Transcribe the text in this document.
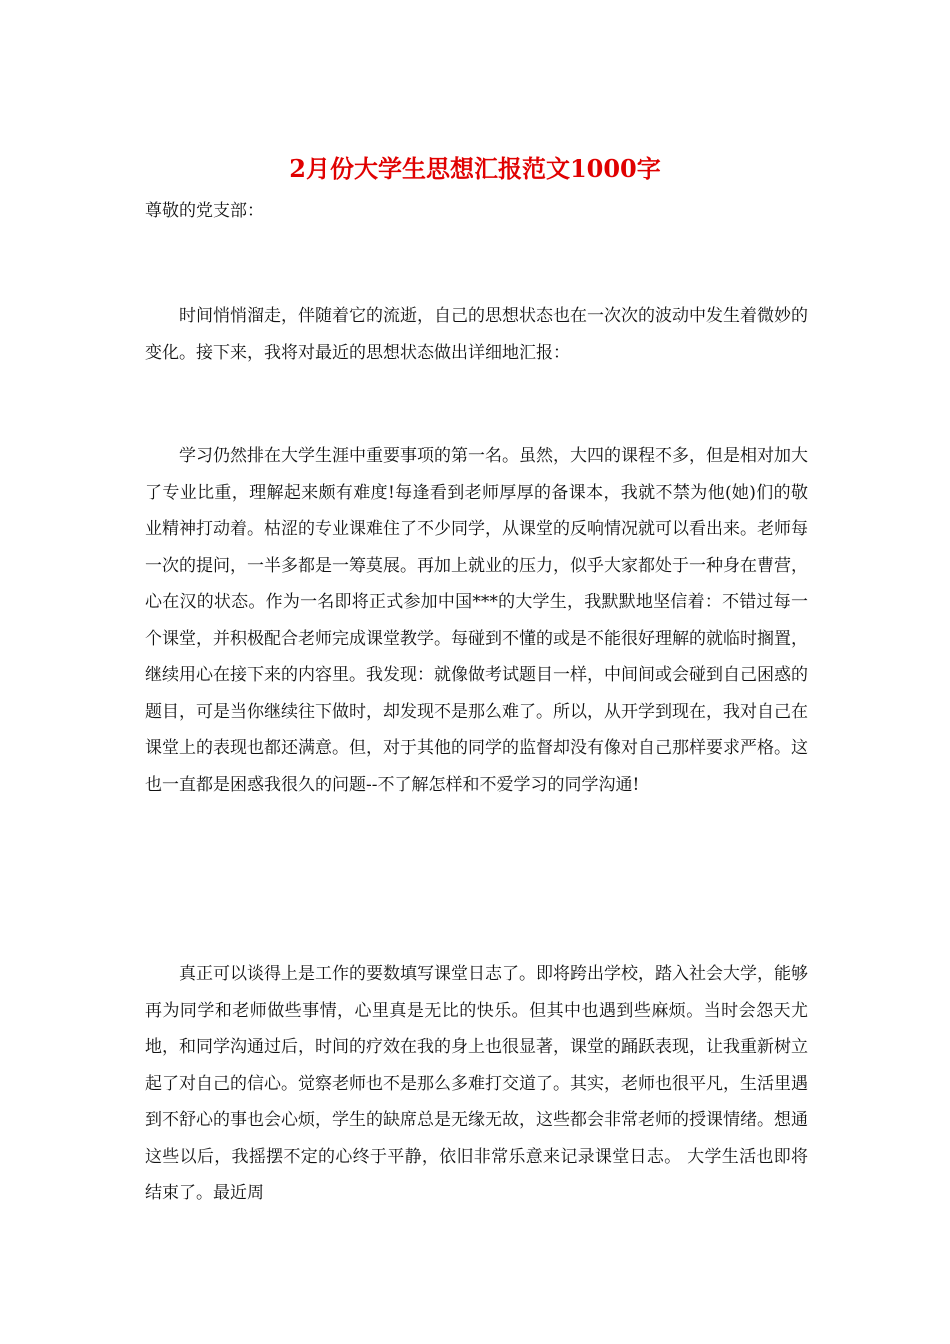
2月份大学生思想汇报范文1000字

尊敬的党支部：

时间悄悄溜走，伴随着它的流逝，自己的思想状态也在一次次的波动中发生着微妙的变化。接下来，我将对最近的思想状态做出详细地汇报：

学习仍然排在大学生涯中重要事项的第一名。虽然，大四的课程不多，但是相对加大了专业比重，理解起来颇有难度!每逢看到老师厚厚的备课本，我就不禁为他(她)们的敬业精神打动着。枯涩的专业课难住了不少同学，从课堂的反响情况就可以看出来。老师每一次的提问，一半多都是一筹莫展。再加上就业的压力，似乎大家都处于一种身在曹营，心在汉的状态。作为一名即将正式参加中国***的大学生，我默默地坚信着：不错过每一个课堂，并积极配合老师完成课堂教学。每碰到不懂的或是不能很好理解的就临时搁置，继续用心在接下来的内容里。我发现：就像做考试题目一样，中间间或会碰到自己困惑的题目，可是当你继续往下做时，却发现不是那么难了。所以，从开学到现在，我对自己在课堂上的表现也都还满意。但，对于其他的同学的监督却没有像对自己那样要求严格。这也一直都是困惑我很久的问题--不了解怎样和不爱学习的同学沟通!

真正可以谈得上是工作的要数填写课堂日志了。即将跨出学校，踏入社会大学，能够再为同学和老师做些事情，心里真是无比的快乐。但其中也遇到些麻烦。当时会怨天尤地，和同学沟通过后，时间的疗效在我的身上也很显著，课堂的踊跃表现，让我重新树立起了对自己的信心。觉察老师也不是那么多难打交道了。其实，老师也很平凡，生活里遇到不舒心的事也会心烦，学生的缺席总是无缘无故，这些都会非常老师的授课情绪。想通这些以后，我摇摆不定的心终于平静，依旧非常乐意来记录课堂日志。 大学生活也即将结束了。最近周
